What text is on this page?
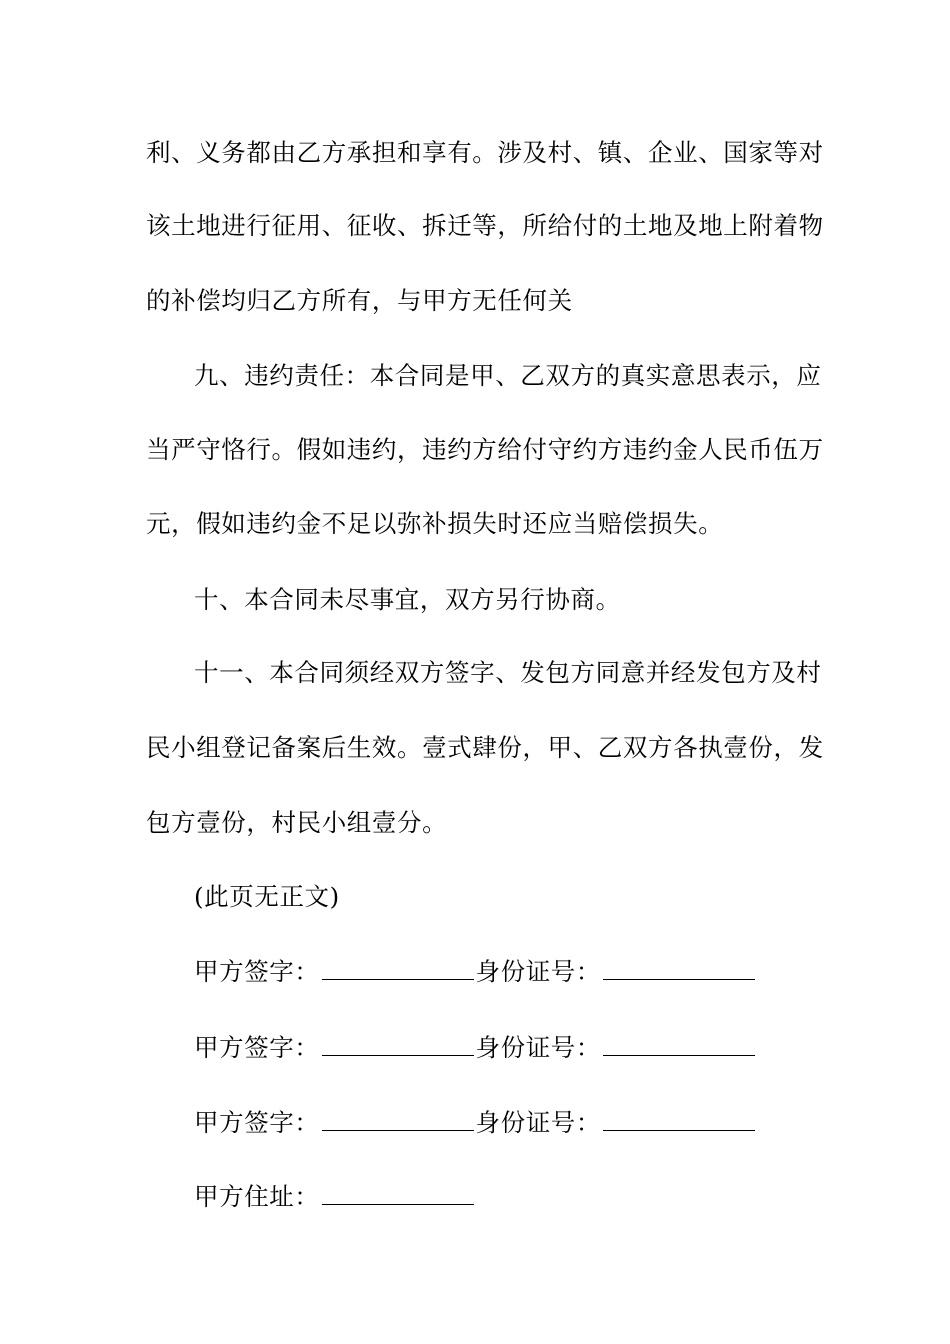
利、义务都由乙方承担和享有。涉及村、镇、企业、国家等对
该土地进行征用、征收、拆迁等，所给付的土地及地上附着物
的补偿均归乙方所有，与甲方无任何关
九、违约责任：本合同是甲、乙双方的真实意思表示，应
当严守恪行。假如违约，违约方给付守约方违约金人民币伍万
元，假如违约金不足以弥补损失时还应当赔偿损失。
十、本合同未尽事宜，双方另行协商。
十一、本合同须经双方签字、发包方同意并经发包方及村
民小组登记备案后生效。壹式肆份，甲、乙双方各执壹份，发
包方壹份，村民小组壹分。
(此页无正文)
甲方签字：	身份证号：
甲方签字：	身份证号：
甲方签字：	身份证号：
甲方住址：
